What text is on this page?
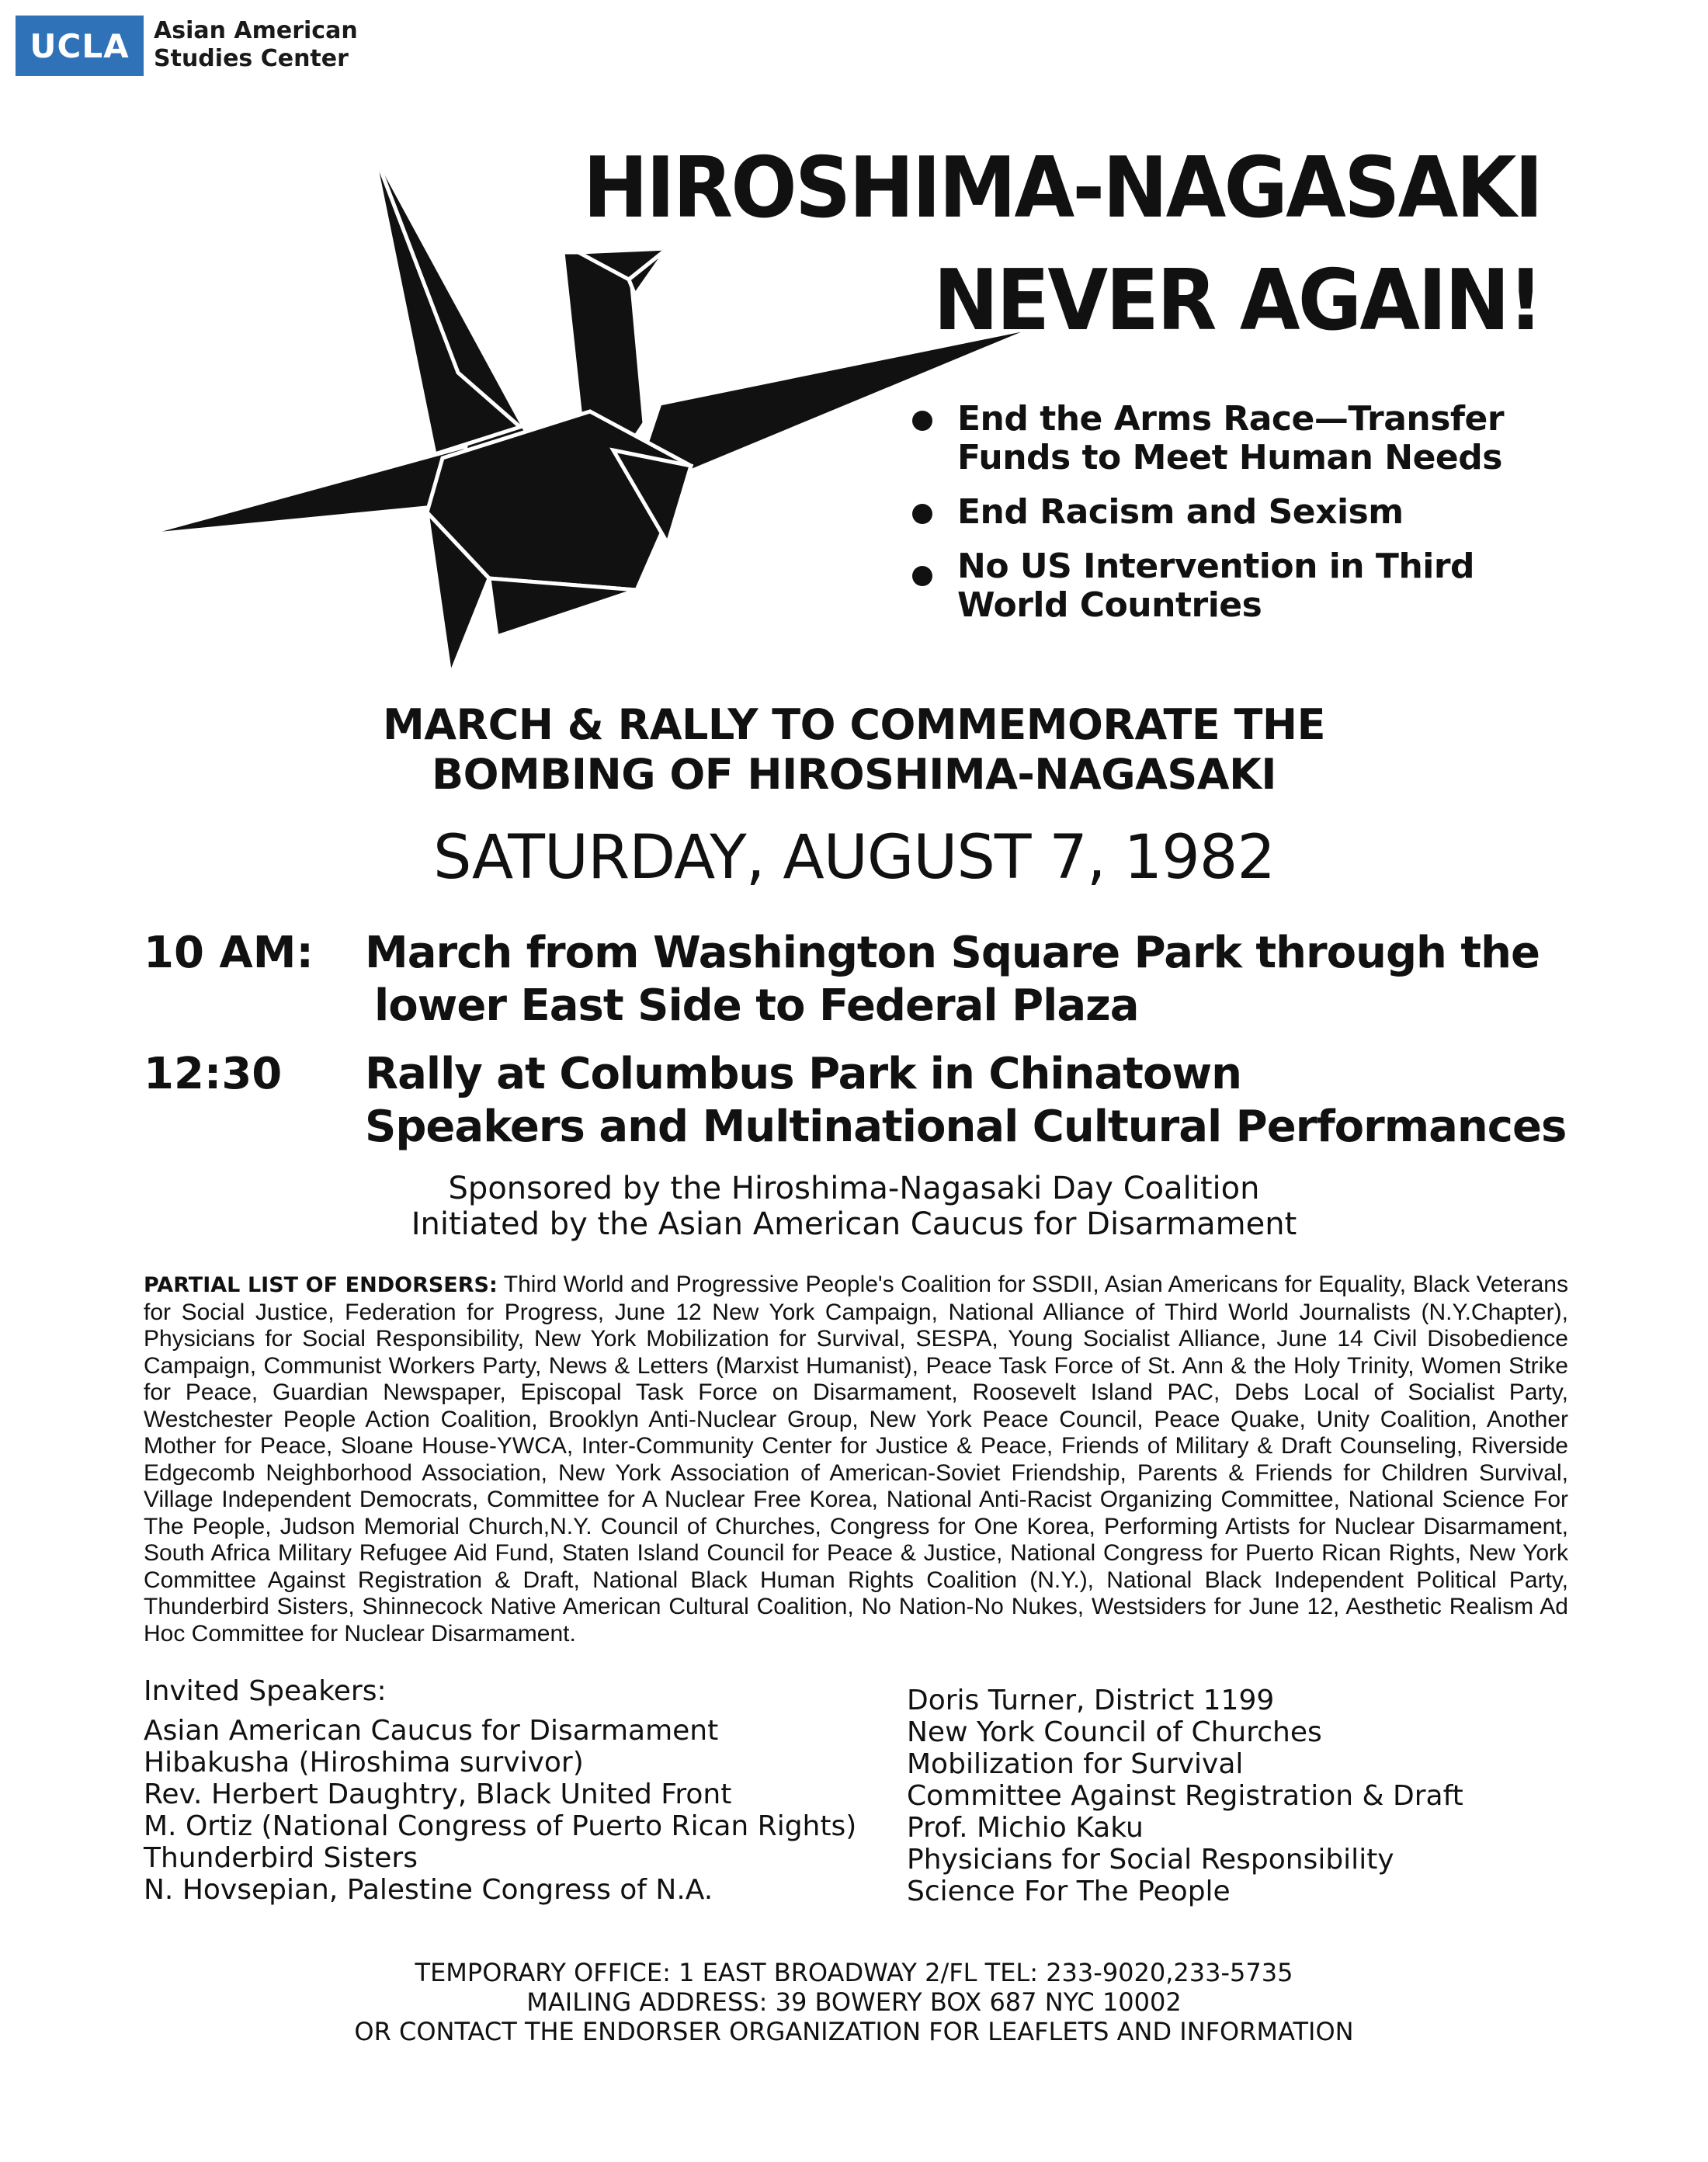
UCLA Asian American
Studies Center
HIROSHIMA-NAGASAKI
NEVER AGAIN!
End the Arms Race—Transfer
Funds to Meet Human Needs
End Racism and Sexism
No US Intervention in Third
World Countries
MARCH & RALLY TO COMMEMORATE THE
BOMBING OF HIROSHIMA-NAGASAKI
SATURDAY, AUGUST 7, 1982
10 AM: March from Washington Square Park through the
lower East Side to Federal Plaza
12:30 Rally at Columbus Park in Chinatown
Speakers and Multinational Cultural Performances
Sponsored by the Hiroshima-Nagasaki Day Coalition
Initiated by the Asian American Caucus for Disarmament
PARTIAL LIST OF ENDORSERS: Third World and Progressive People's Coalition for SSDII, Asian Americans for Equality, Black Veterans for Social Justice, Federation for Progress, June 12 New York Campaign, National Alliance of Third World Journalists (N.Y.Chapter), Physicians for Social Responsibility, New York Mobilization for Survival, SESPA, Young Socialist Alliance, June 14 Civil Disobedience Campaign, Communist Workers Party, News & Letters (Marxist Humanist), Peace Task Force of St. Ann & the Holy Trinity, Women Strike for Peace, Guardian Newspaper, Episcopal Task Force on Disarmament, Roosevelt Island PAC, Debs Local of Socialist Party, Westchester People Action Coalition, Brooklyn Anti-Nuclear Group, New York Peace Council, Peace Quake, Unity Coalition, Another Mother for Peace, Sloane House-YWCA, Inter-Community Center for Justice & Peace, Friends of Military & Draft Counseling, Riverside Edgecomb Neighborhood Association, New York Association of American-Soviet Friendship, Parents & Friends for Children Survival, Village Independent Democrats, Committee for A Nuclear Free Korea, National Anti-Racist Organizing Committee, National Science For The People, Judson Memorial Church,N.Y. Council of Churches, Congress for One Korea, Performing Artists for Nuclear Disarmament, South Africa Military Refugee Aid Fund, Staten Island Council for Peace & Justice, National Congress for Puerto Rican Rights, New York Committee Against Registration & Draft, National Black Human Rights Coalition (N.Y.), National Black Independent Political Party, Thunderbird Sisters, Shinnecock Native American Cultural Coalition, No Nation-No Nukes, Westsiders for June 12, Aesthetic Realism Ad Hoc Committee for Nuclear Disarmament.
Invited Speakers:
Asian American Caucus for Disarmament
Hibakusha (Hiroshima survivor)
Rev. Herbert Daughtry, Black United Front
M. Ortiz (National Congress of Puerto Rican Rights)
Thunderbird Sisters
N. Hovsepian, Palestine Congress of N.A.
Doris Turner, District 1199
New York Council of Churches
Mobilization for Survival
Committee Against Registration & Draft
Prof. Michio Kaku
Physicians for Social Responsibility
Science For The People
TEMPORARY OFFICE: 1 EAST BROADWAY 2/FL TEL: 233-9020,233-5735
MAILING ADDRESS: 39 BOWERY BOX 687 NYC 10002
OR CONTACT THE ENDORSER ORGANIZATION FOR LEAFLETS AND INFORMATION
